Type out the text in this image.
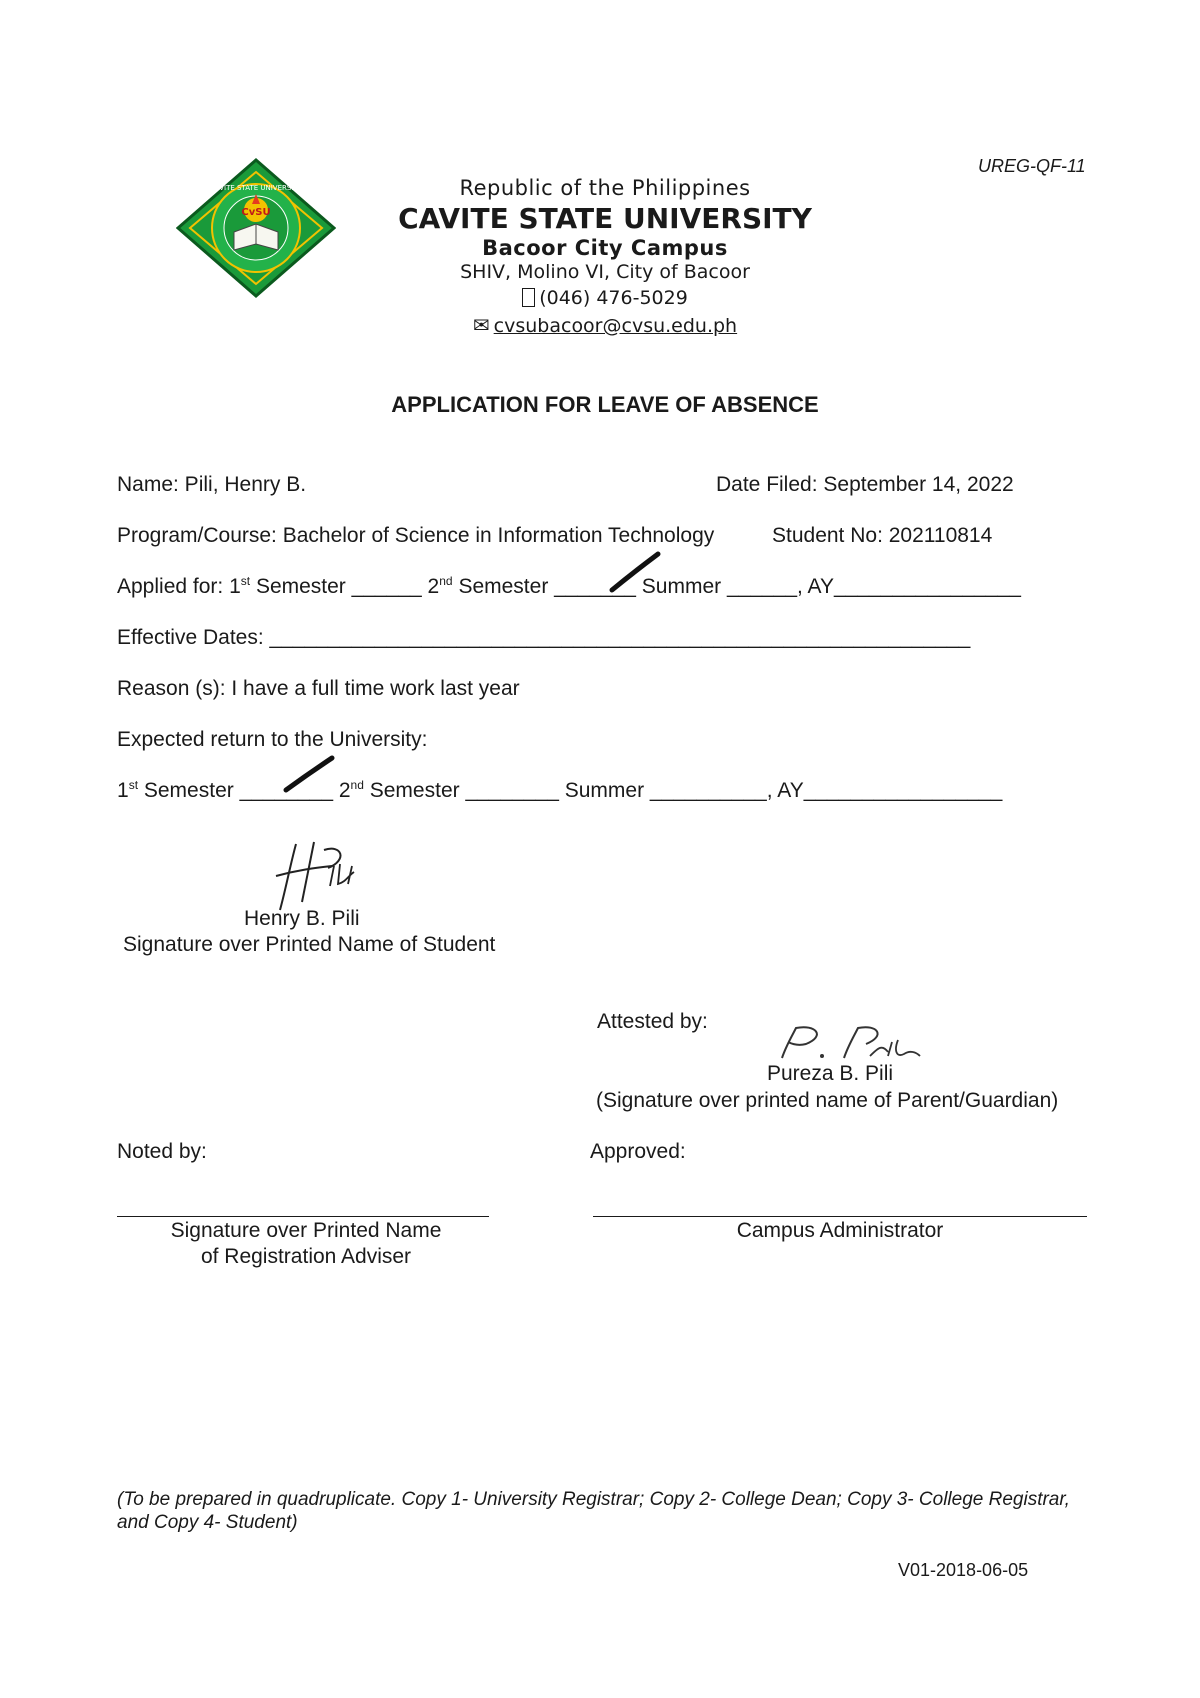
UREG-QF-11
CvSU
CAVITE STATE UNIVERSITY	Republic of the Philippines
CAVITE STATE UNIVERSITY
Bacoor City Campus
SHIV, Molino VI, City of Bacoor
(046) 476-5029
✉ cvsubacoor@cvsu.edu.ph
APPLICATION FOR LEAVE OF ABSENCE
Name: Pili, Henry B.	Date Filed: September 14, 2022
Program/Course: Bachelor of Science in Information Technology	Student No: 202110814
Applied for: 1st Semester ______ 2nd Semester _______ Summer ______, AY________________
Effective Dates: ____________________________________________________________
Reason (s): I have a full time work last year
Expected return to the University:
1st Semester ________ 2nd Semester ________ Summer __________, AY_________________
Henry B. Pili
Signature over Printed Name of Student
Attested by:
Pureza B. Pili
(Signature over printed name of Parent/Guardian)
Noted by:	Approved:
Signature over Printed Name
of Registration Adviser
Campus Administrator
(To be prepared in quadruplicate. Copy 1- University Registrar; Copy 2- College Dean; Copy 3- College Registrar, and Copy 4- Student)
V01-2018-06-05
